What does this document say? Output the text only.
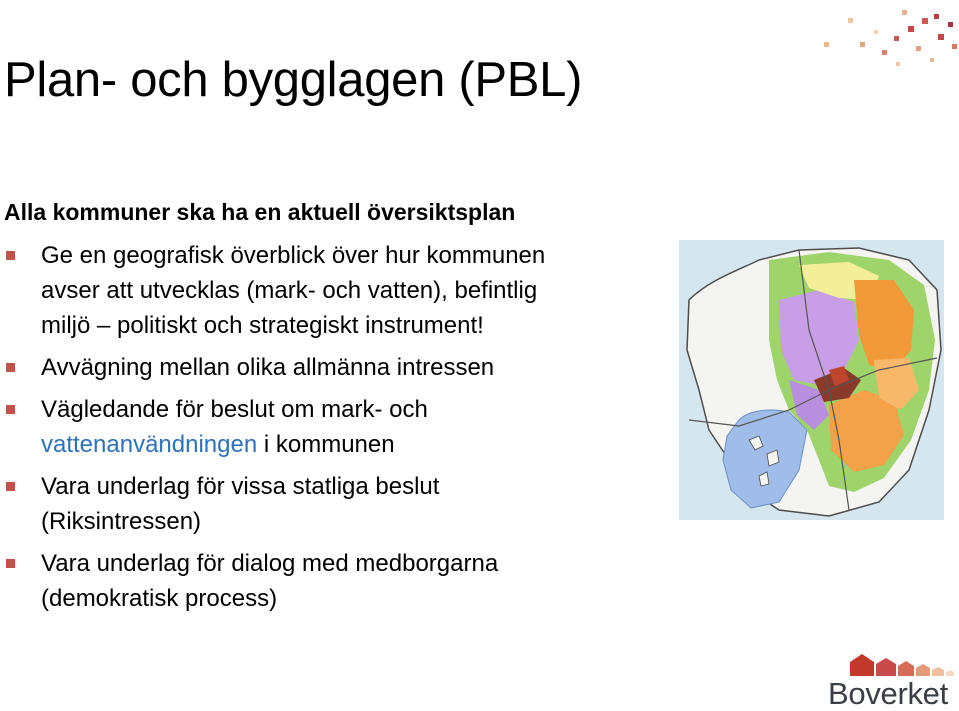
Plan- och bygglagen (PBL)
Alla kommuner ska ha en aktuell översiktsplan
Ge en geografisk överblick över hur kommunen
avser att utvecklas (mark- och vatten), befintlig
miljö – politiskt och strategiskt instrument!
Avvägning mellan olika allmänna intressen
Vägledande för beslut om mark- och
vattenanvändningen i kommunen
Vara underlag för vissa statliga beslut
(Riksintressen)
Vara underlag för dialog med medborgarna
(demokratisk process)

Boverket
